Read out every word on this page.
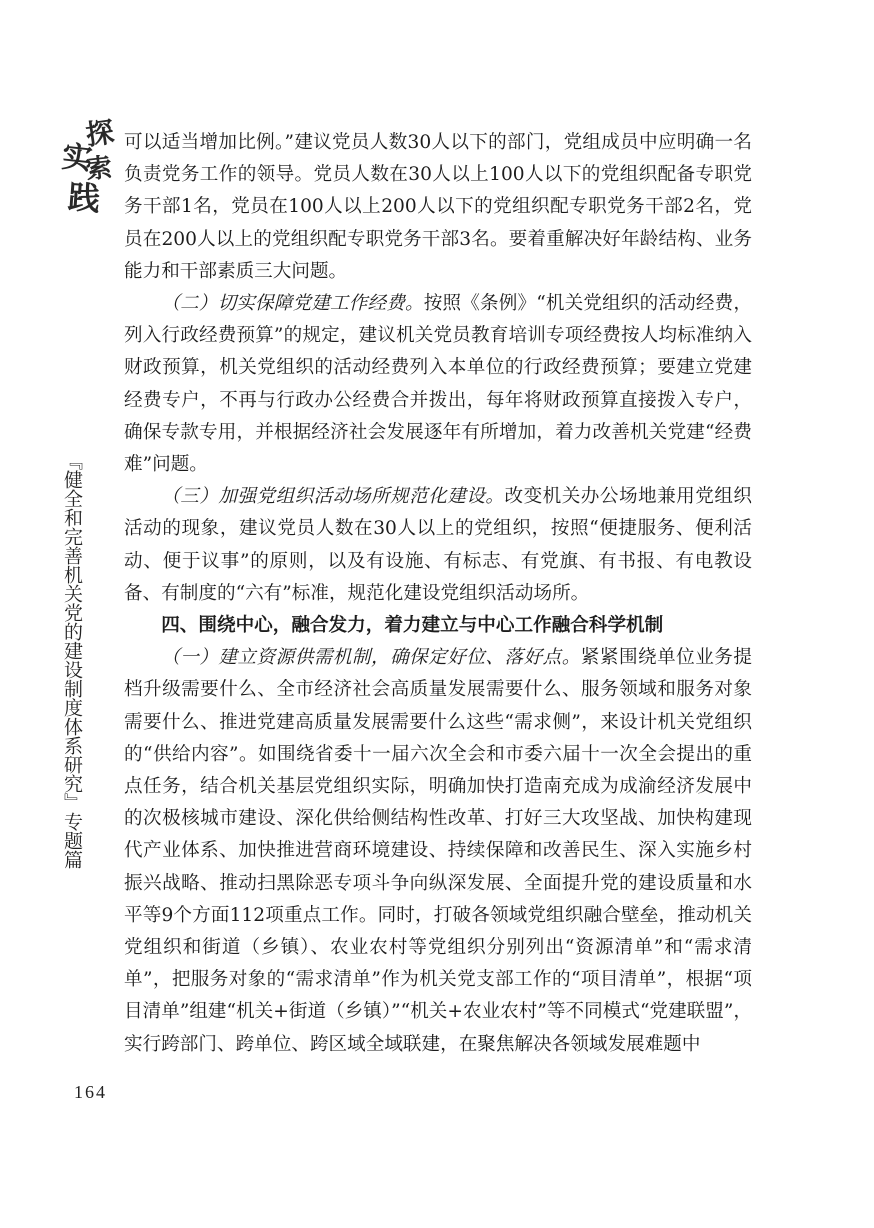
探
实
索
践
『健全和完善机关党的建设制度体系研究』专题篇
164

可以适当增加比例。”建议党员人数30人以下的部门，党组成员中应明确一名负责党务工作的领导。党员人数在30人以上100人以下的党组织配备专职党务干部1名，党员在100人以上200人以下的党组织配专职党务干部2名，党员在200人以上的党组织配专职党务干部3名。要着重解决好年龄结构、业务能力和干部素质三大问题。

（二）切实保障党建工作经费。按照《条例》“机关党组织的活动经费，列入行政经费预算”的规定，建议机关党员教育培训专项经费按人均标准纳入财政预算，机关党组织的活动经费列入本单位的行政经费预算；要建立党建经费专户，不再与行政办公经费合并拨出，每年将财政预算直接拨入专户，确保专款专用，并根据经济社会发展逐年有所增加，着力改善机关党建“经费难”问题。

（三）加强党组织活动场所规范化建设。改变机关办公场地兼用党组织活动的现象，建议党员人数在30人以上的党组织，按照“便捷服务、便利活动、便于议事”的原则，以及有设施、有标志、有党旗、有书报、有电教设备、有制度的“六有”标准，规范化建设党组织活动场所。

四、围绕中心，融合发力，着力建立与中心工作融合科学机制

（一）建立资源供需机制，确保定好位、落好点。紧紧围绕单位业务提档升级需要什么、全市经济社会高质量发展需要什么、服务领域和服务对象需要什么、推进党建高质量发展需要什么这些“需求侧”，来设计机关党组织的“供给内容”。如围绕省委十一届六次全会和市委六届十一次全会提出的重点任务，结合机关基层党组织实际，明确加快打造南充成为成渝经济发展中的次极核城市建设、深化供给侧结构性改革、打好三大攻坚战、加快构建现代产业体系、加快推进营商环境建设、持续保障和改善民生、深入实施乡村振兴战略、推动扫黑除恶专项斗争向纵深发展、全面提升党的建设质量和水平等9个方面112项重点工作。同时，打破各领域党组织融合壁垒，推动机关党组织和街道（乡镇）、农业农村等党组织分别列出“资源清单”和“需求清单”，把服务对象的“需求清单”作为机关党支部工作的“项目清单”，根据“项目清单”组建“机关+街道（乡镇）”“机关+农业农村”等不同模式“党建联盟”，实行跨部门、跨单位、跨区域全域联建，在聚焦解决各领域发展难题中
